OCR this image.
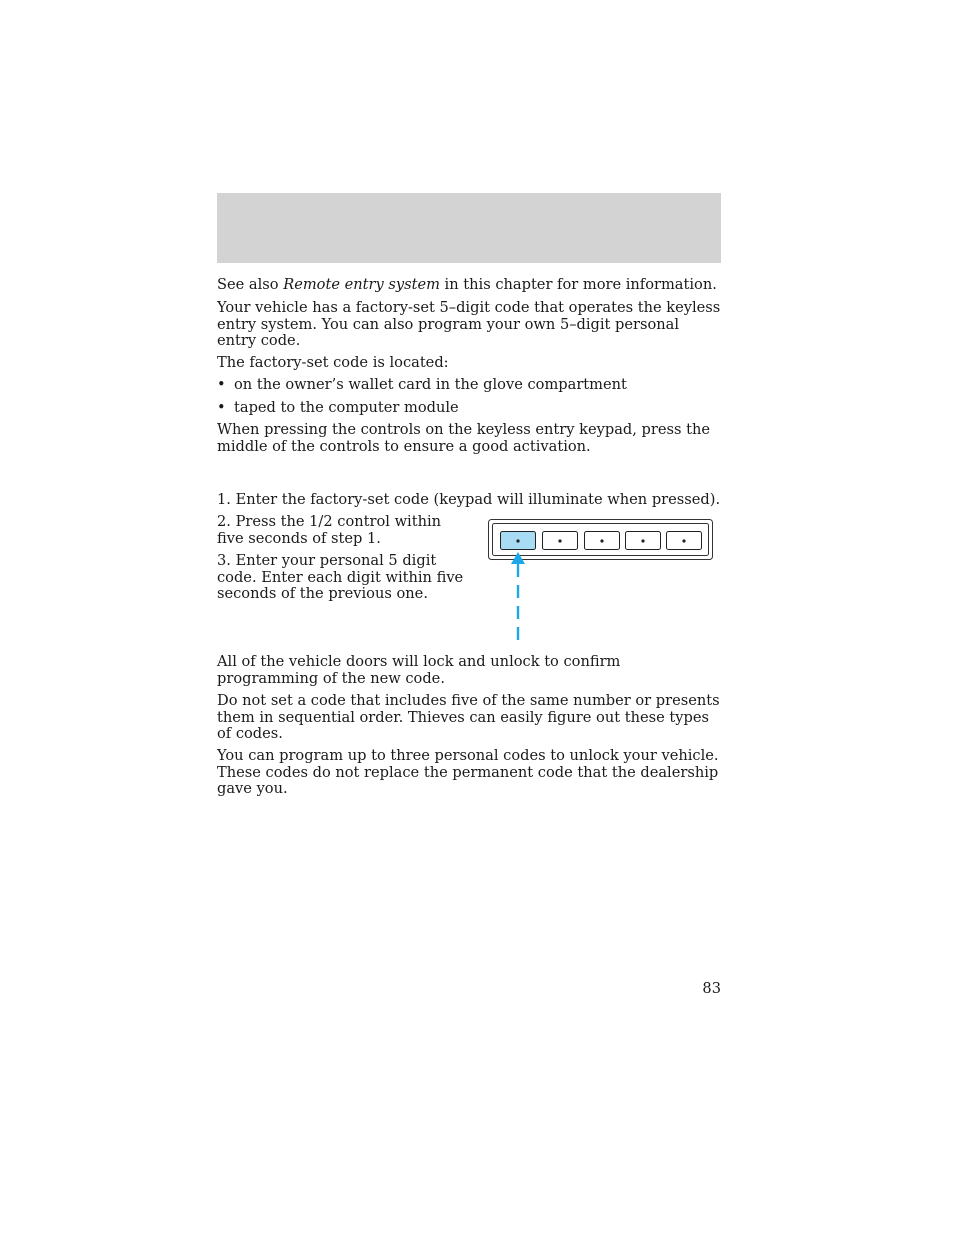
See also Remote entry system in this chapter for more information.

Your vehicle has a factory-set 5–digit code that operates the keyless entry system. You can also program your own 5–digit personal entry code.

The factory-set code is located:

• on the owner’s wallet card in the glove compartment
• taped to the computer module

When pressing the controls on the keyless entry keypad, press the middle of the controls to ensure a good activation.

1. Enter the factory-set code (keypad will illuminate when pressed).

2. Press the 1/2 control within five seconds of step 1.

3. Enter your personal 5 digit code. Enter each digit within five seconds of the previous one.

All of the vehicle doors will lock and unlock to confirm programming of the new code.

Do not set a code that includes five of the same number or presents them in sequential order. Thieves can easily figure out these types of codes.

You can program up to three personal codes to unlock your vehicle. These codes do not replace the permanent code that the dealership gave you.

83
